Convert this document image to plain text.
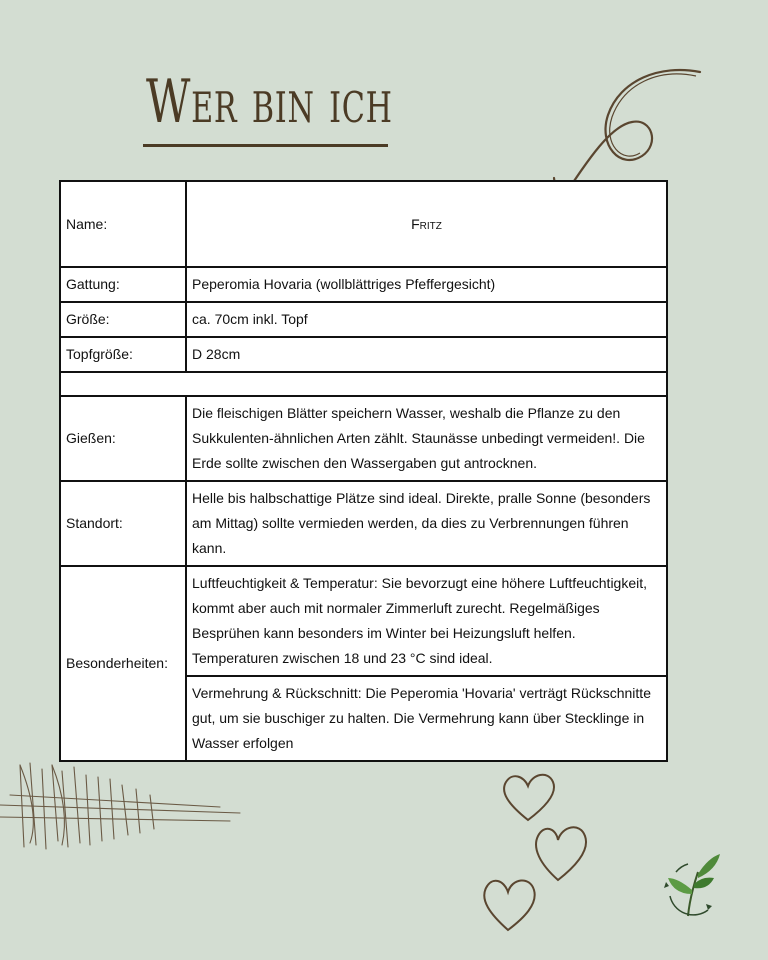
Wer bin ich
Name:	Fritz
Gattung:	Peperomia Hovaria (wollblättriges Pfeffergesicht)
Größe:	ca. 70cm inkl. Topf
Topfgröße:	D 28cm

Gießen:	Die fleischigen Blätter speichern Wasser, weshalb die Pflanze zu den Sukkulenten-ähnlichen Arten zählt. Staunässe unbedingt vermeiden!. Die Erde sollte zwischen den Wassergaben gut antrocknen.
Standort:	Helle bis halbschattige Plätze sind ideal. Direkte, pralle Sonne (besonders am Mittag) sollte vermieden werden, da dies zu Verbrennungen führen kann.
Besonderheiten:	Luftfeuchtigkeit & Temperatur: Sie bevorzugt eine höhere Luftfeuchtigkeit, kommt aber auch mit normaler Zimmerluft zurecht. Regelmäßiges Besprühen kann besonders im Winter bei Heizungsluft helfen. Temperaturen zwischen 18 und 23 °C sind ideal.
	Vermehrung & Rückschnitt: Die Peperomia 'Hovaria' verträgt Rückschnitte gut, um sie buschiger zu halten. Die Vermehrung kann über Stecklinge in Wasser erfolgen
